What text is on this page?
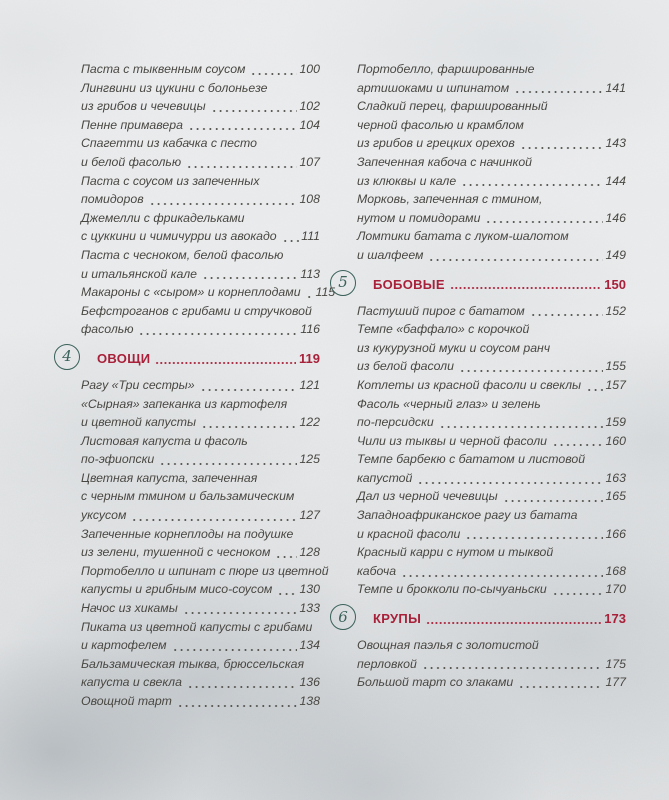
Паста с тыквенным соусом	100
Лингвини из цукини с болоньезе
из грибов и чечевицы	102
Пенне примавера	104
Спагетти из кабачка с песто
и белой фасолью	107
Паста с соусом из запеченных
помидоров	108
Джемелли с фрикадельками
с цуккини и чимичурри из авокадо 111
Паста с чесноком, белой фасолью
и итальянской кале	113
Макароны с «сыром» и корнеплодами 115
Бефстроганов с грибами и стручковой
фасолью	116
4 ОВОЩИ	119
Рагу «Три сестры»	121
«Сырная» запеканка из картофеля
и цветной капусты	122
Листовая капуста и фасоль
по-эфиопски	125
Цветная капуста, запеченная
с черным тмином и бальзамическим
уксусом	127
Запеченные корнеплоды на подушке
из зелени, тушенной с чесноком 128
Портобелло и шпинат с пюре из цветной
капусты и грибным мисо-соусом 130
Начос из хикамы	133
Пиката из цветной капусты с грибами
и картофелем	134
Бальзамическая тыква, брюссельская
капуста и свекла	136
Овощной тарт	138
Портобелло, фаршированные
артишоками и шпинатом	141
Сладкий перец, фаршированный
черной фасолью и крамблом
из грибов и грецких орехов	143
Запеченная кабоча с начинкой
из клюквы и кале	144
Морковь, запеченная с тмином,
нутом и помидорами	146
Ломтики батата с луком-шалотом
и шалфеем	149
5 БОБОВЫЕ	150
Пастуший пирог с бататом	152
Темпе «баффало» с корочкой
из кукурузной муки и соусом ранч
из белой фасоли	155
Котлеты из красной фасоли и свеклы 157
Фасоль «черный глаз» и зелень
по-персидски	159
Чили из тыквы и черной фасоли	160
Темпе барбекю с бататом и листовой
капустой	163
Дал из черной чечевицы	165
Западноафриканское рагу из батата
и красной фасоли	166
Красный карри с нутом и тыквой
кабоча	168
Темпе и брокколи по-сычуаньски	170
6 КРУПЫ	173
Овощная паэлья с золотистой
перловкой	175
Большой тарт со злаками	177
